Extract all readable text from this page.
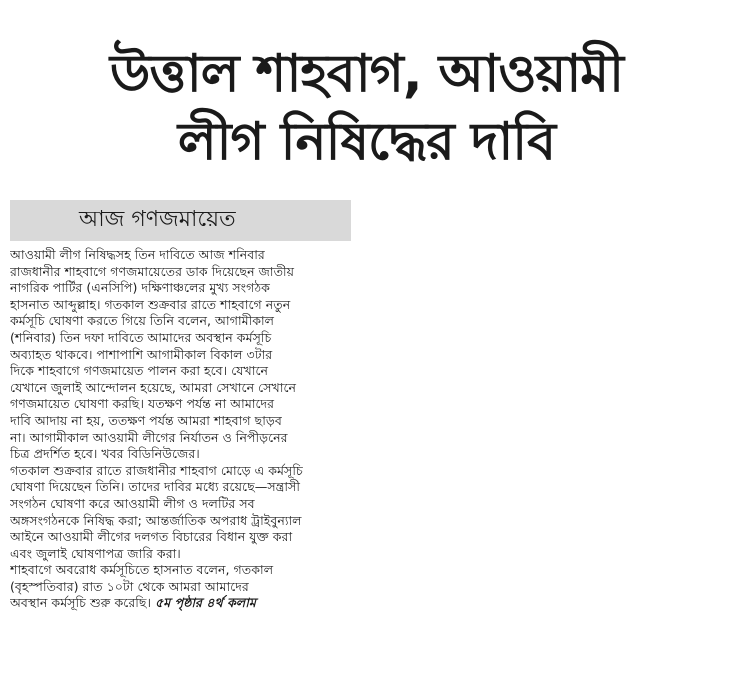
উত্তাল শাহবাগ, আওয়ামী
লীগ নিষিদ্ধের দাবি
আজ গণজমায়েত
আওয়ামী লীগ নিষিদ্ধসহ তিন দাবিতে আজ শনিবার
রাজধানীর শাহবাগে গণজমায়েতের ডাক দিয়েছেন জাতীয়
নাগরিক পার্টির (এনসিপি) দক্ষিণাঞ্চলের মুখ্য সংগঠক
হাসনাত আব্দুল্লাহ। গতকাল শুক্রবার রাতে শাহবাগে নতুন
কর্মসূচি ঘোষণা করতে গিয়ে তিনি বলেন, আগামীকাল
(শনিবার) তিন দফা দাবিতে আমাদের অবস্থান কর্মসূচি
অব্যাহত থাকবে। পাশাপাশি আগামীকাল বিকাল ৩টার
দিকে শাহবাগে গণজমায়েত পালন করা হবে। যেখানে
যেখানে জুলাই আন্দোলন হয়েছে, আমরা সেখানে সেখানে
গণজমায়েত ঘোষণা করছি। যতক্ষণ পর্যন্ত না আমাদের
দাবি আদায় না হয়, ততক্ষণ পর্যন্ত আমরা শাহবাগ ছাড়ব
না। আগামীকাল আওয়ামী লীগের নির্যাতন ও নিপীড়নের
চিত্র প্রদর্শিত হবে। খবর বিডিনিউজের।
গতকাল শুক্রবার রাতে রাজধানীর শাহবাগ মোড়ে এ কর্মসূচি
ঘোষণা দিয়েছেন তিনি। তাদের দাবির মধ্যে রয়েছে—সন্ত্রাসী
সংগঠন ঘোষণা করে আওয়ামী লীগ ও দলটির সব
অঙ্গসংগঠনকে নিষিদ্ধ করা; আন্তর্জাতিক অপরাধ ট্রাইবুন্যাল
আইনে আওয়ামী লীগের দলগত বিচারের বিধান যুক্ত করা
এবং জুলাই ঘোষণাপত্র জারি করা।
শাহবাগে অবরোধ কর্মসূচিতে হাসনাত বলেন, গতকাল
(বৃহস্পতিবার) রাত ১০টা থেকে আমরা আমাদের
অবস্থান কর্মসূচি শুরু করেছি। ৫ম পৃষ্ঠার ৪র্থ কলাম
